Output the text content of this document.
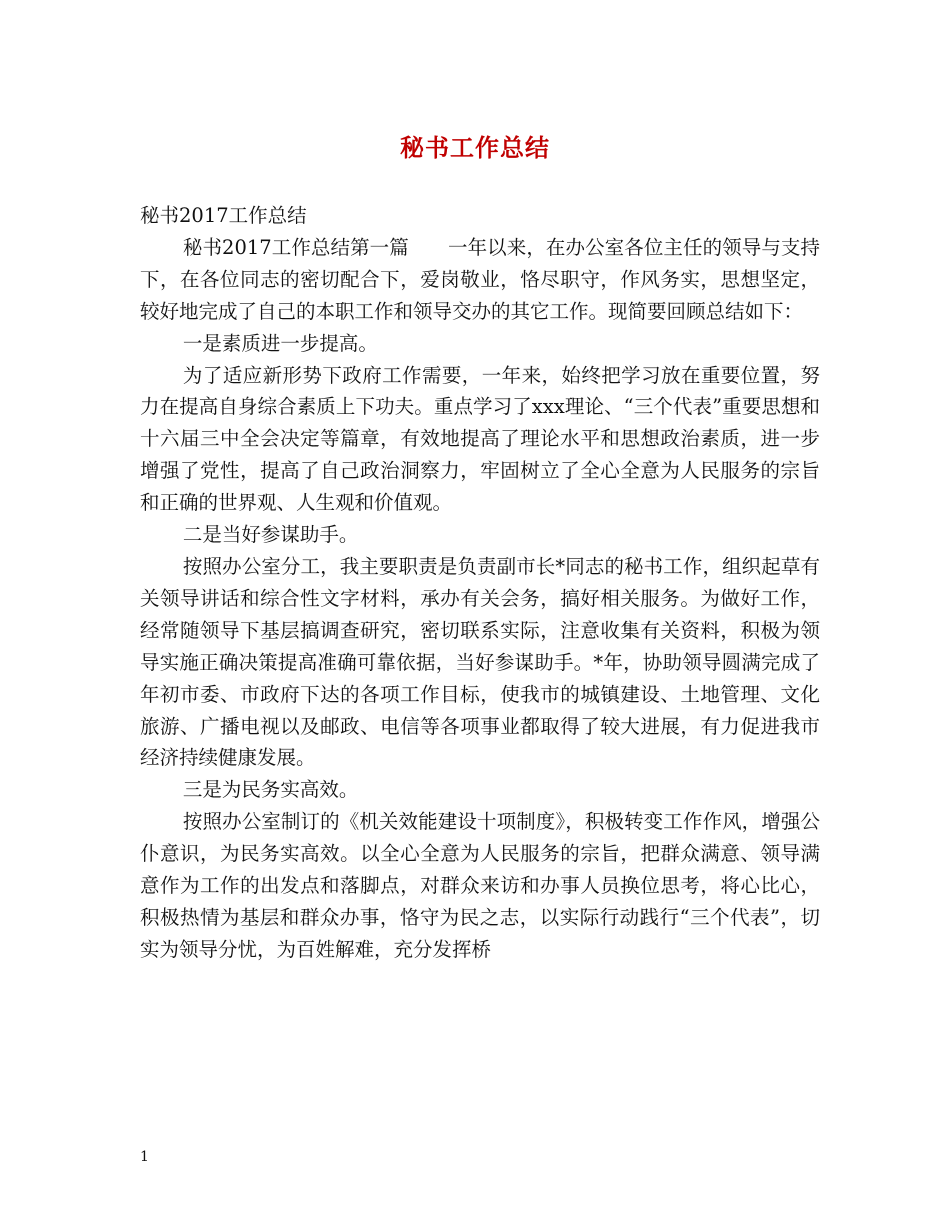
秘书工作总结

秘书2017工作总结

秘书2017工作总结第一篇　　一年以来，在办公室各位主任的领导与支持下，在各位同志的密切配合下，爱岗敬业，恪尽职守，作风务实，思想坚定，较好地完成了自己的本职工作和领导交办的其它工作。现简要回顾总结如下：

一是素质进一步提高。

为了适应新形势下政府工作需要，一年来，始终把学习放在重要位置，努力在提高自身综合素质上下功夫。重点学习了xxx理论、“三个代表”重要思想和十六届三中全会决定等篇章，有效地提高了理论水平和思想政治素质，进一步增强了党性，提高了自己政治洞察力，牢固树立了全心全意为人民服务的宗旨和正确的世界观、人生观和价值观。

二是当好参谋助手。

按照办公室分工，我主要职责是负责副市长*同志的秘书工作，组织起草有关领导讲话和综合性文字材料，承办有关会务，搞好相关服务。为做好工作，经常随领导下基层搞调查研究，密切联系实际，注意收集有关资料，积极为领导实施正确决策提高准确可靠依据，当好参谋助手。*年，协助领导圆满完成了年初市委、市政府下达的各项工作目标，使我市的城镇建设、土地管理、文化旅游、广播电视以及邮政、电信等各项事业都取得了较大进展，有力促进我市经济持续健康发展。

三是为民务实高效。

按照办公室制订的《机关效能建设十项制度》，积极转变工作作风，增强公仆意识，为民务实高效。以全心全意为人民服务的宗旨，把群众满意、领导满意作为工作的出发点和落脚点，对群众来访和办事人员换位思考，将心比心，积极热情为基层和群众办事，恪守为民之志，以实际行动践行“三个代表”，切实为领导分忧，为百姓解难，充分发挥桥

1
